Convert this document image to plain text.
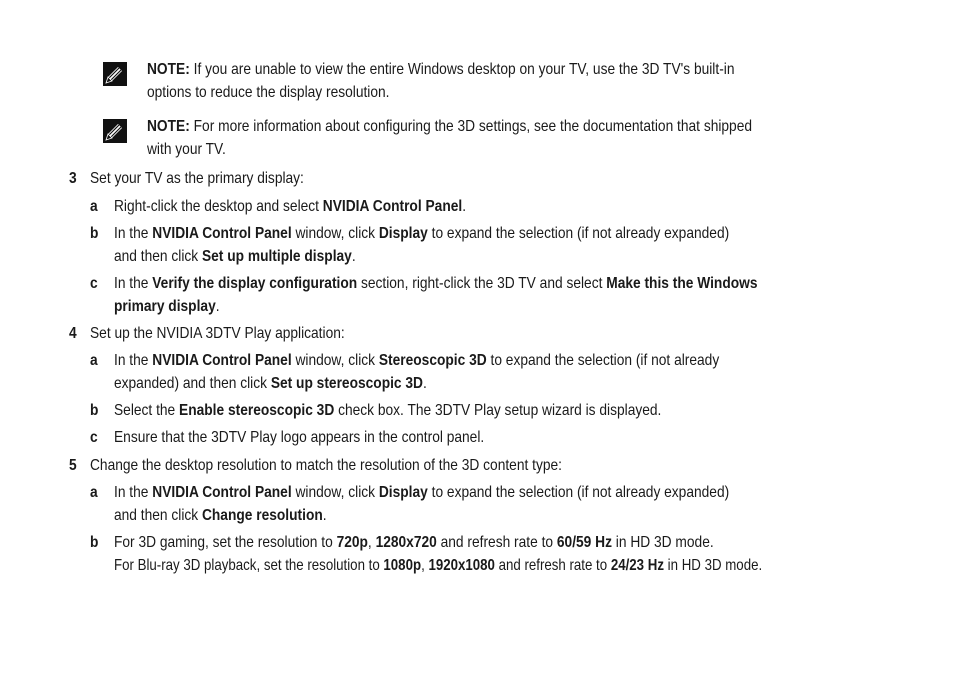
NOTE: If you are unable to view the entire Windows desktop on your TV, use the 3D TV's built-in
options to reduce the display resolution.
NOTE: For more information about configuring the 3D settings, see the documentation that shipped
with your TV.
3 Set your TV as the primary display:
a Right-click the desktop and select NVIDIA Control Panel.
b In the NVIDIA Control Panel window, click Display to expand the selection (if not already expanded)
and then click Set up multiple display.
c In the Verify the display configuration section, right-click the 3D TV and select Make this the Windows
primary display.
4 Set up the NVIDIA 3DTV Play application:
a In the NVIDIA Control Panel window, click Stereoscopic 3D to expand the selection (if not already
expanded) and then click Set up stereoscopic 3D.
b Select the Enable stereoscopic 3D check box. The 3DTV Play setup wizard is displayed.
c Ensure that the 3DTV Play logo appears in the control panel.
5 Change the desktop resolution to match the resolution of the 3D content type:
a In the NVIDIA Control Panel window, click Display to expand the selection (if not already expanded)
and then click Change resolution.
b For 3D gaming, set the resolution to 720p, 1280x720 and refresh rate to 60/59 Hz in HD 3D mode.
For Blu-ray 3D playback, set the resolution to 1080p, 1920x1080 and refresh rate to 24/23 Hz in HD 3D mode.
